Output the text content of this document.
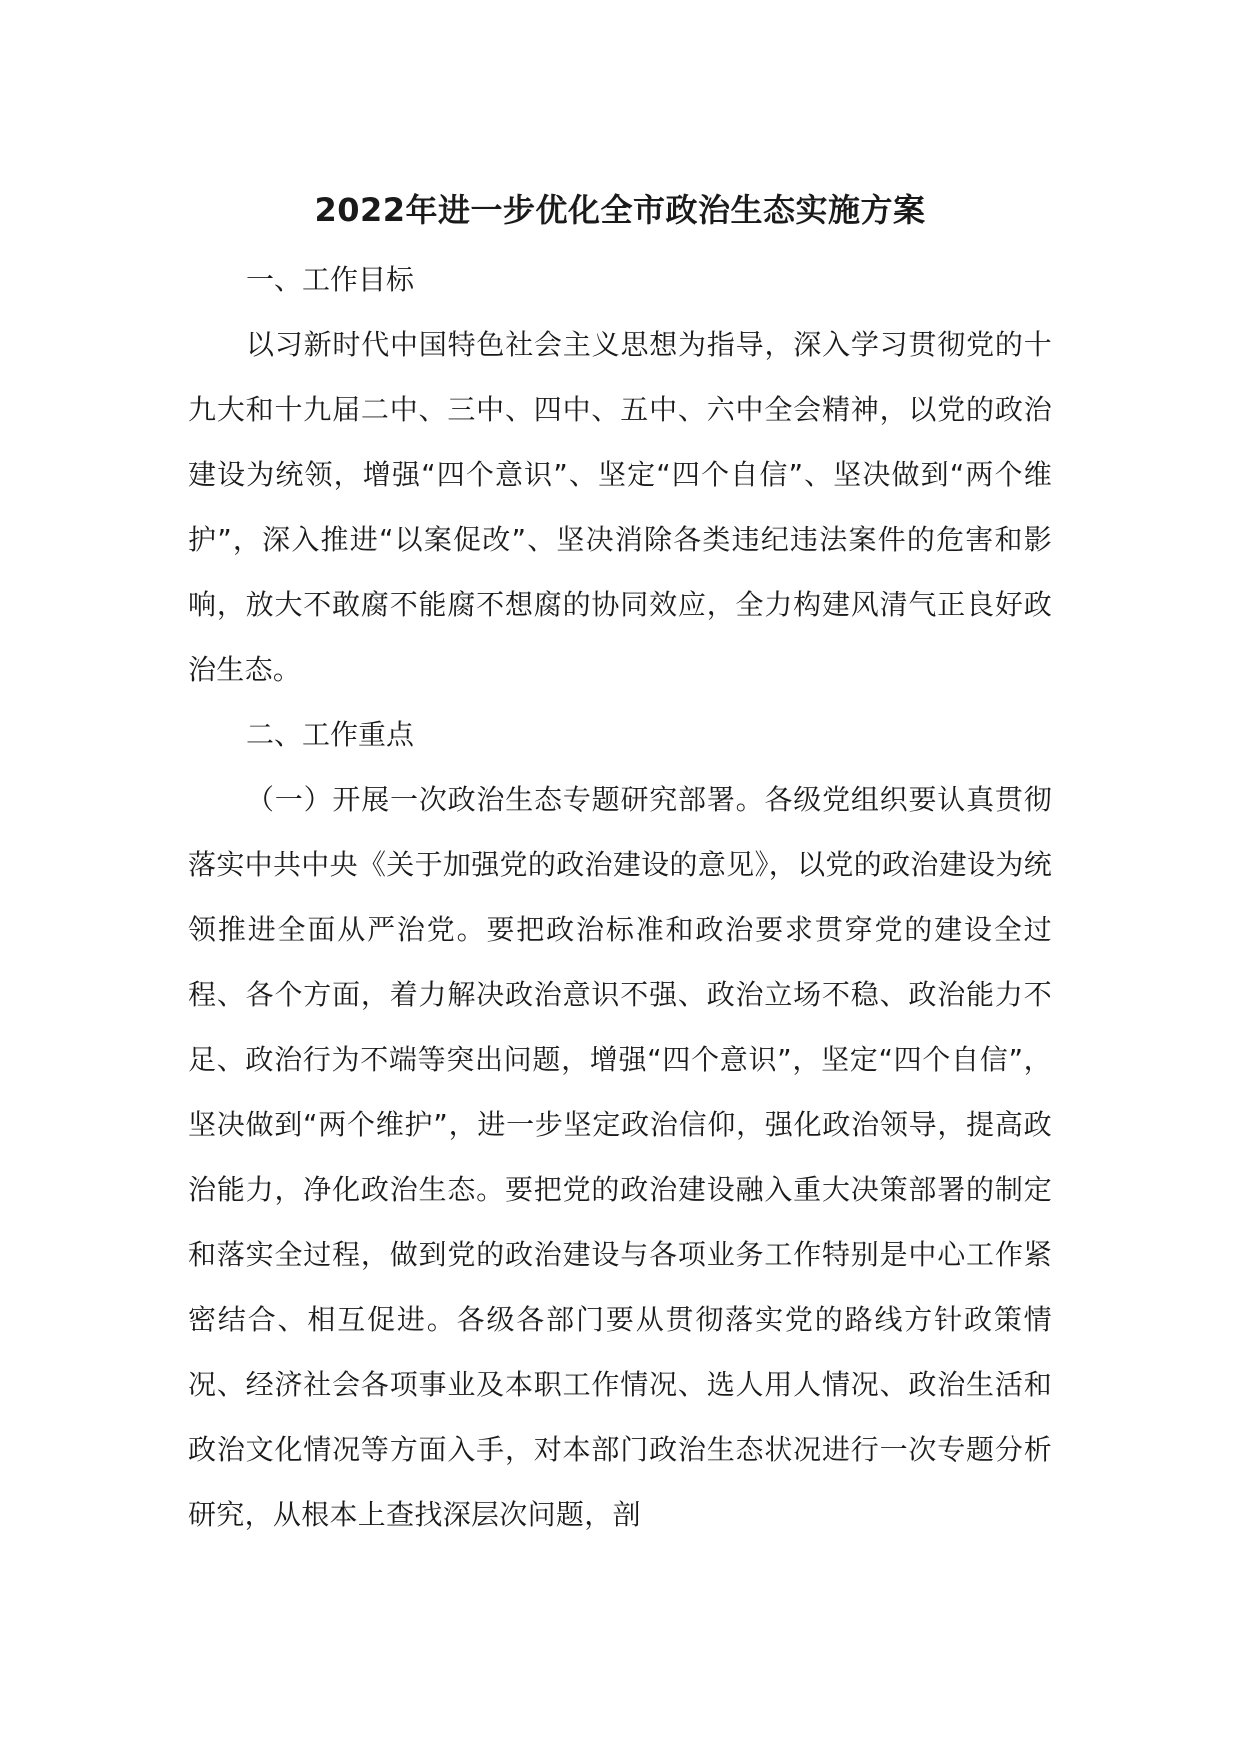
2022年进一步优化全市政治生态实施方案

一、工作目标

以习新时代中国特色社会主义思想为指导，深入学习贯彻党的十九大和十九届二中、三中、四中、五中、六中全会精神，以党的政治建设为统领，增强“四个意识”、坚定“四个自信”、坚决做到“两个维护”，深入推进“以案促改”、坚决消除各类违纪违法案件的危害和影响，放大不敢腐不能腐不想腐的协同效应，全力构建风清气正良好政治生态。

二、工作重点

（一）开展一次政治生态专题研究部署。各级党组织要认真贯彻落实中共中央《关于加强党的政治建设的意见》，以党的政治建设为统领推进全面从严治党。要把政治标准和政治要求贯穿党的建设全过程、各个方面，着力解决政治意识不强、政治立场不稳、政治能力不足、政治行为不端等突出问题，增强“四个意识”，坚定“四个自信”，坚决做到“两个维护”，进一步坚定政治信仰，强化政治领导，提高政治能力，净化政治生态。要把党的政治建设融入重大决策部署的制定和落实全过程，做到党的政治建设与各项业务工作特别是中心工作紧密结合、相互促进。各级各部门要从贯彻落实党的路线方针政策情况、经济社会各项事业及本职工作情况、选人用人情况、政治生活和政治文化情况等方面入手，对本部门政治生态状况进行一次专题分析研究，从根本上查找深层次问题，剖
